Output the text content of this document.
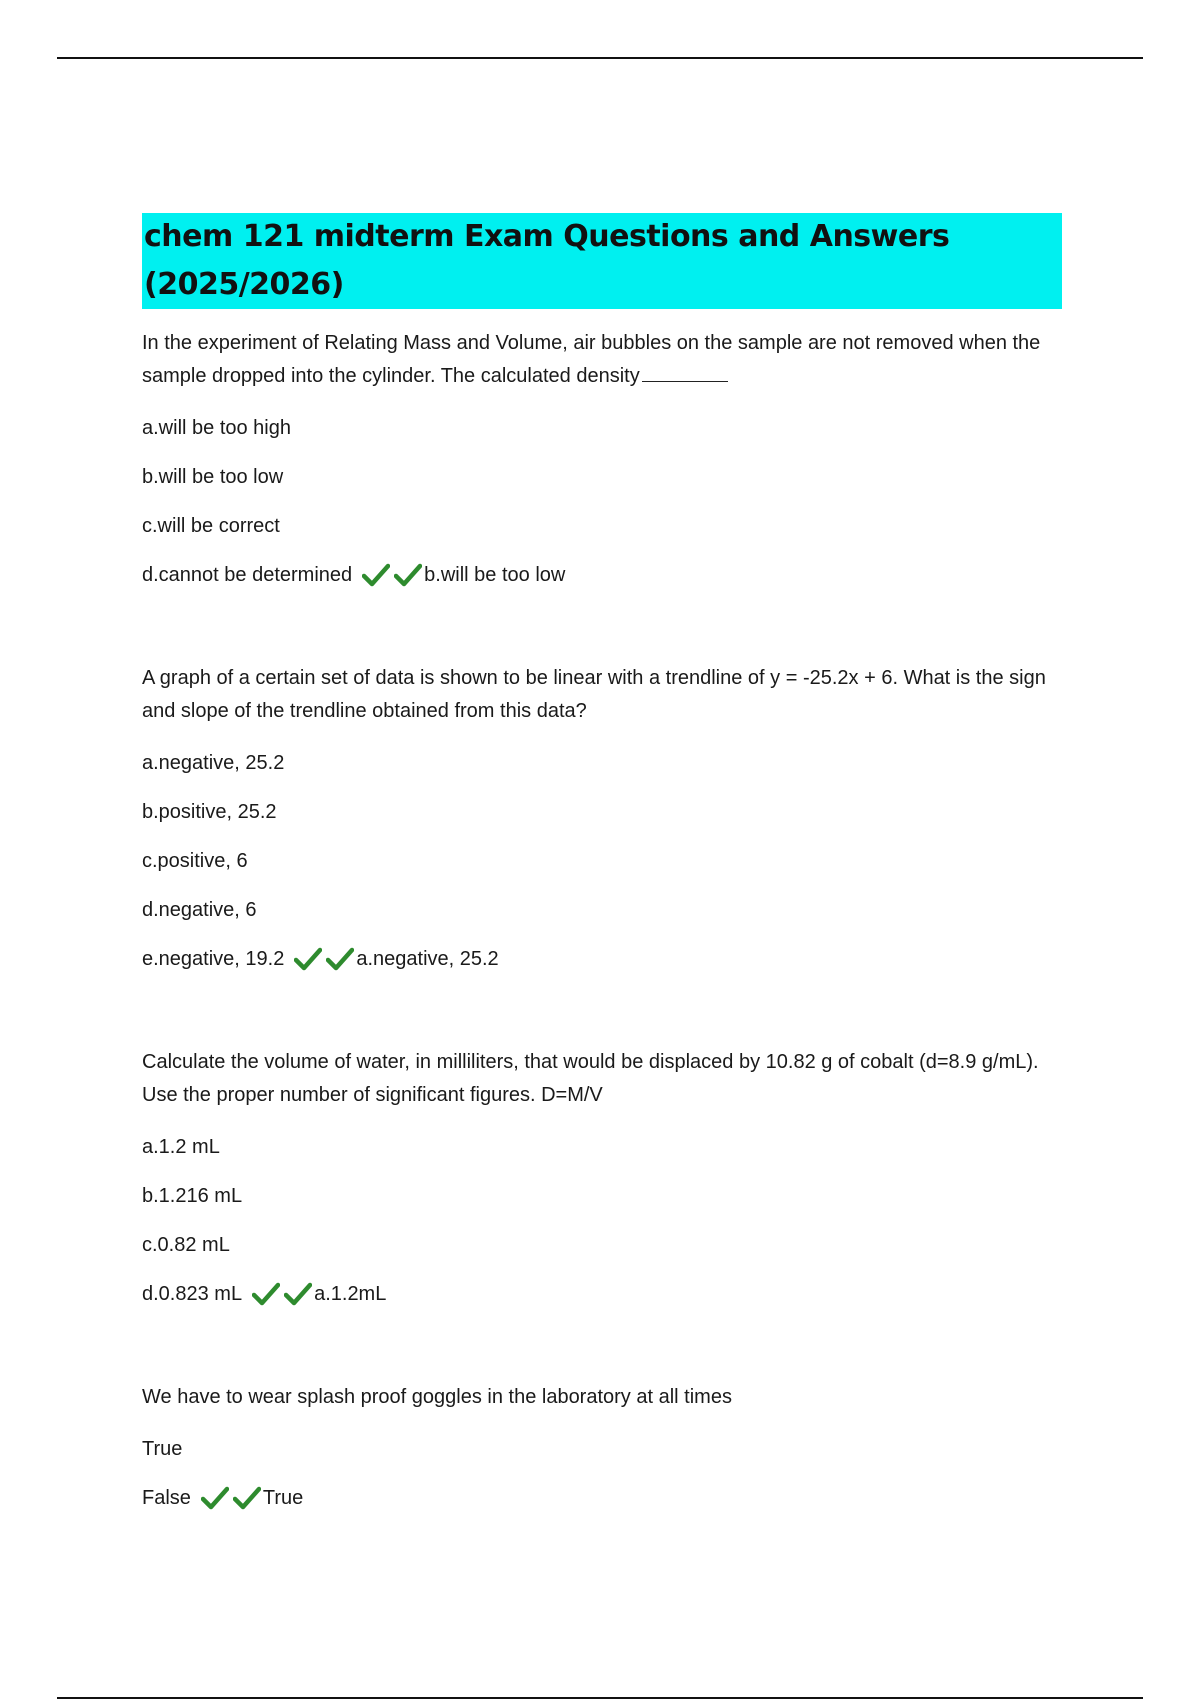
chem 121 midterm Exam Questions and Answers (2025/2026)

In the experiment of Relating Mass and Volume, air bubbles on the sample are not removed when the sample dropped into the cylinder. The calculated density

a.will be too high

b.will be too low

c.will be correct

d.cannot be determined	b.will be too low

A graph of a certain set of data is shown to be linear with a trendline of y = -25.2x + 6. What is the sign and slope of the trendline obtained from this data?

a.negative, 25.2

b.positive, 25.2

c.positive, 6

d.negative, 6

e.negative, 19.2	a.negative, 25.2

Calculate the volume of water, in milliliters, that would be displaced by 10.82 g of cobalt (d=8.9 g/mL). Use the proper number of significant figures. D=M/V

a.1.2 mL

b.1.216 mL

c.0.82 mL

d.0.823 mL	a.1.2mL

We have to wear splash proof goggles in the laboratory at all times

True

False	True
